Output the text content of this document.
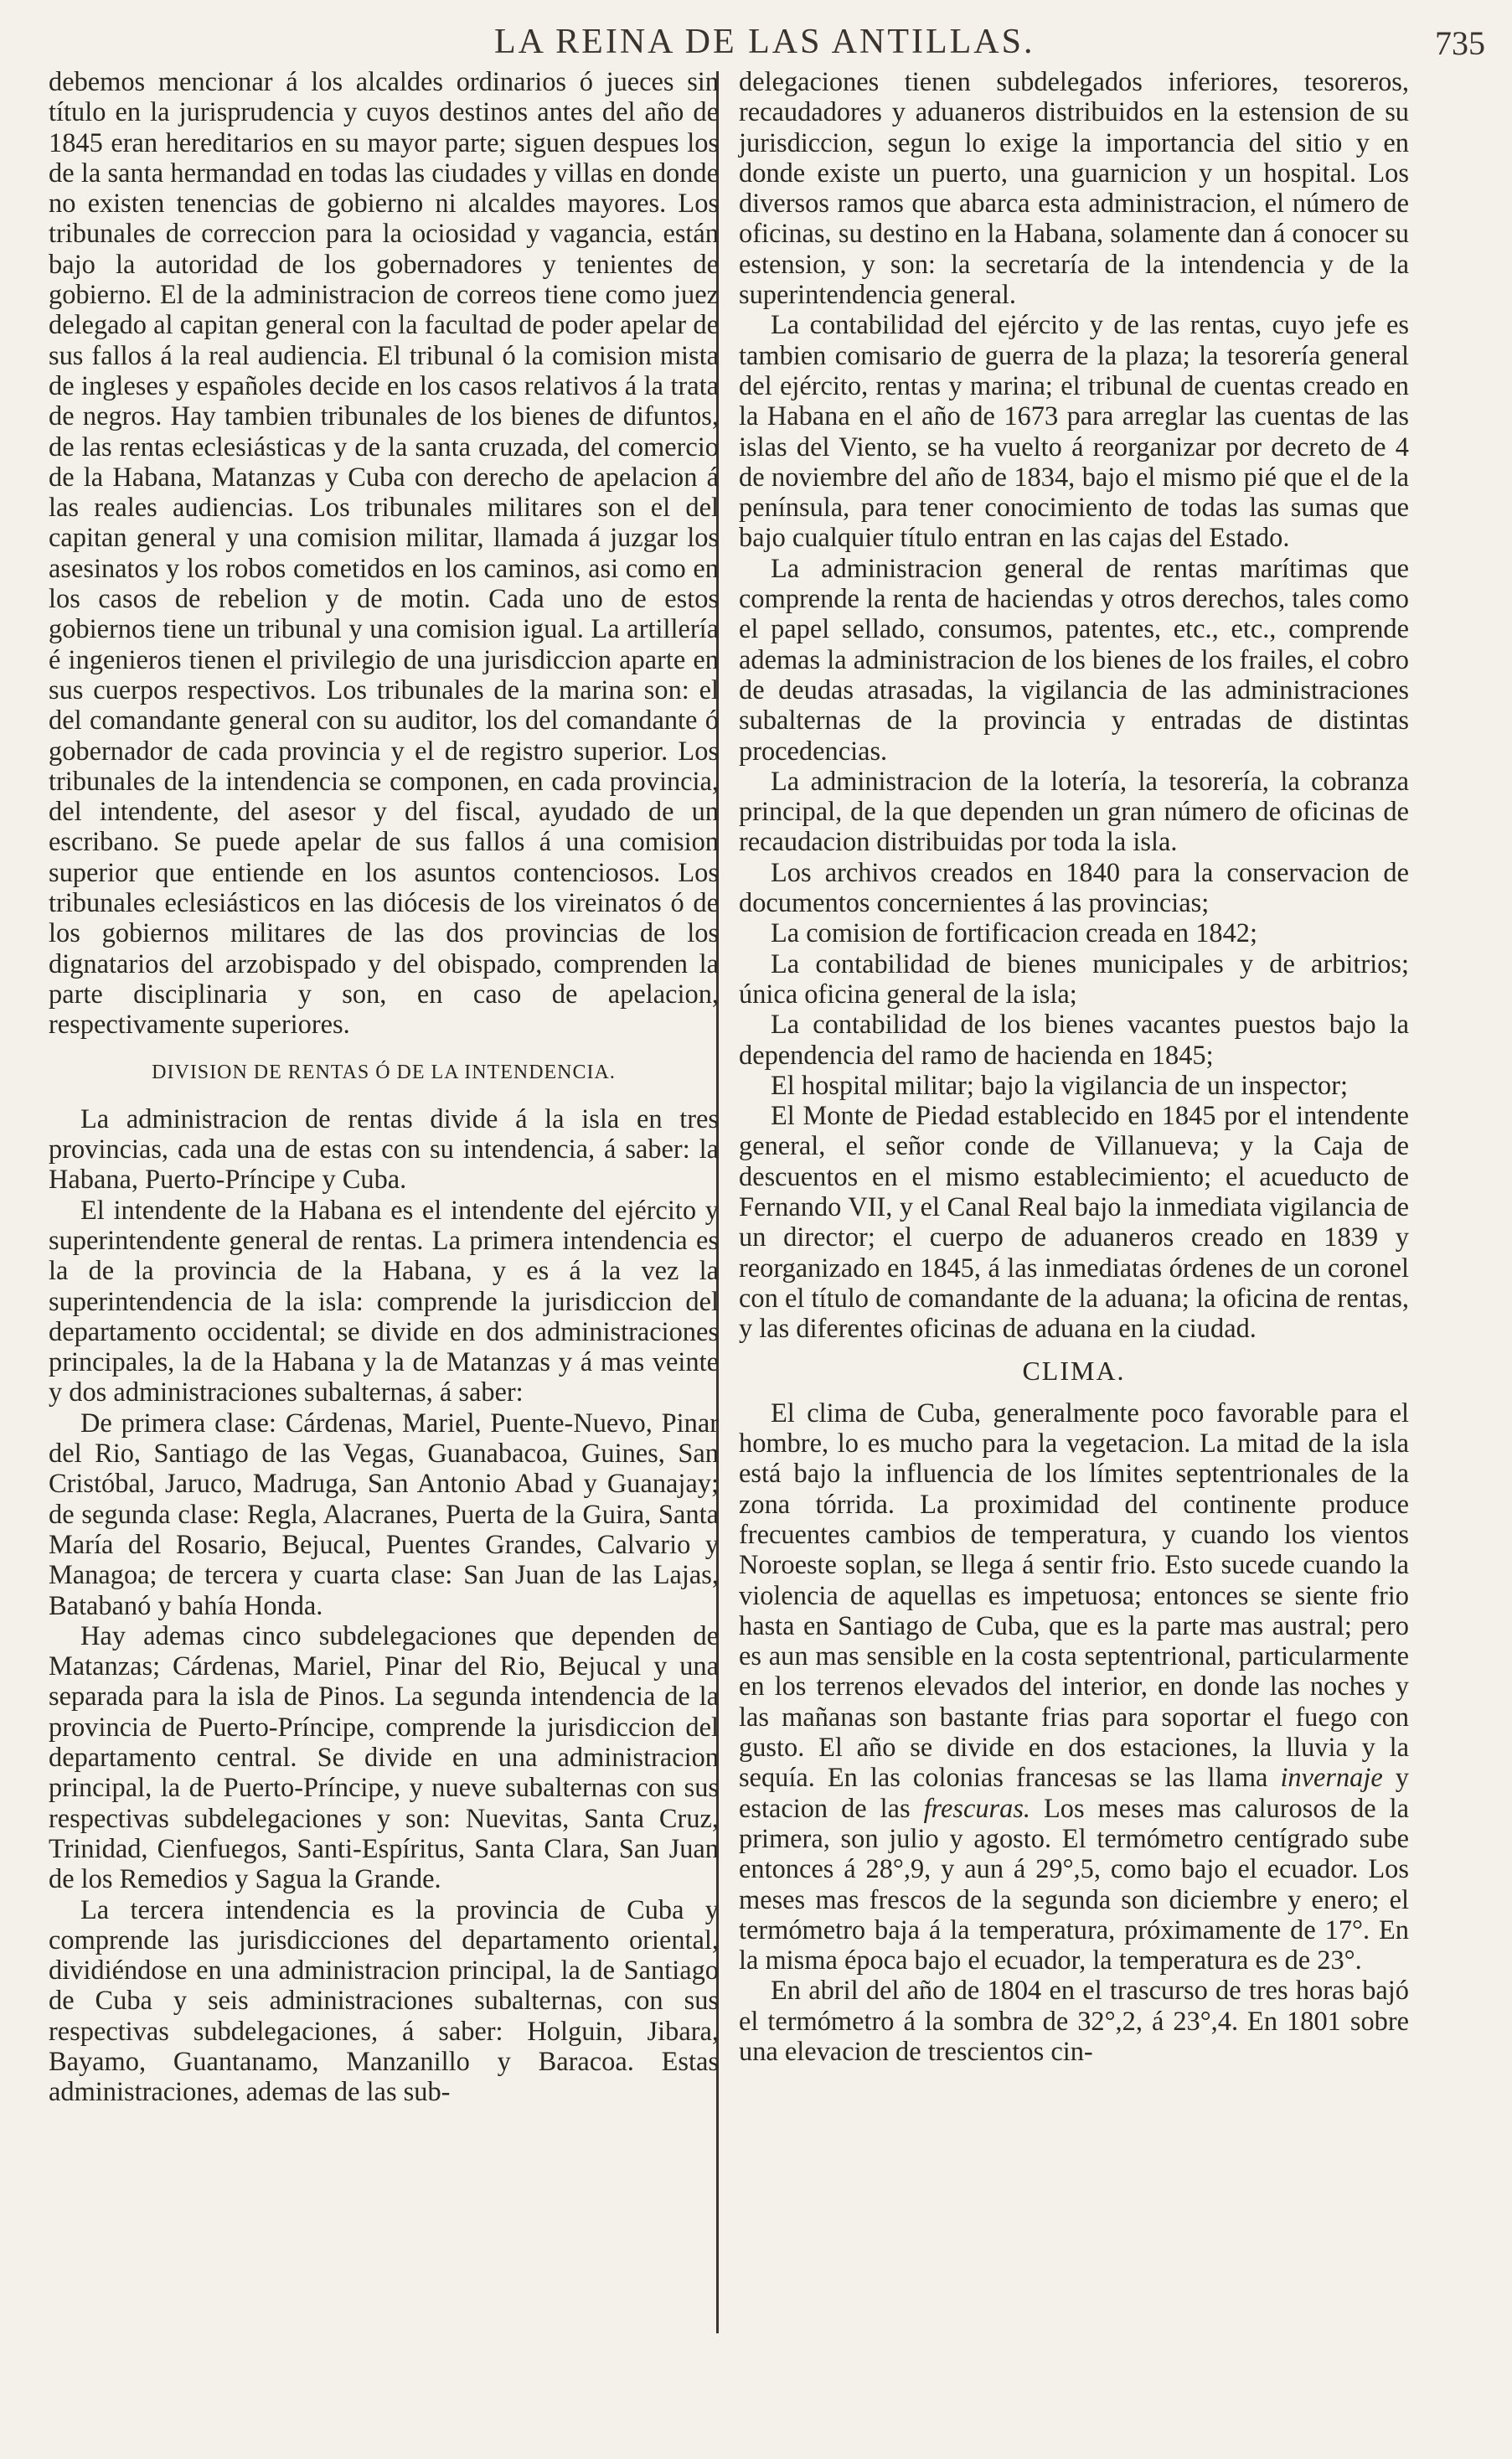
LA REINA DE LAS ANTILLAS.	735

debemos mencionar á los alcaldes ordinarios ó jueces sin título en la jurisprudencia y cuyos destinos antes del año de 1845 eran hereditarios en su mayor parte; siguen despues los de la santa hermandad en todas las ciudades y villas en donde no existen tenencias de gobierno ni alcaldes mayores. Los tribunales de correccion para la ociosidad y vagancia, están bajo la autoridad de los gobernadores y tenientes de gobierno. El de la administracion de correos tiene como juez delegado al capitan general con la facultad de poder apelar de sus fallos á la real audiencia. El tribunal ó la comision mista de ingleses y españoles decide en los casos relativos á la trata de negros. Hay tambien tribunales de los bienes de difuntos, de las rentas eclesiásticas y de la santa cruzada, del comercio de la Habana, Matanzas y Cuba con derecho de apelacion á las reales audiencias. Los tribunales militares son el del capitan general y una comision militar, llamada á juzgar los asesinatos y los robos cometidos en los caminos, asi como en los casos de rebelion y de motin. Cada uno de estos gobiernos tiene un tribunal y una comision igual. La artillería é ingenieros tienen el privilegio de una jurisdiccion aparte en sus cuerpos respectivos. Los tribunales de la marina son: el del comandante general con su auditor, los del comandante ó gobernador de cada provincia y el de registro superior. Los tribunales de la intendencia se componen, en cada provincia, del intendente, del asesor y del fiscal, ayudado de un escribano. Se puede apelar de sus fallos á una comision superior que entiende en los asuntos contenciosos. Los tribunales eclesiásticos en las diócesis de los vireinatos ó de los gobiernos militares de las dos provincias de los dignatarios del arzobispado y del obispado, comprenden la parte disciplinaria y son, en caso de apelacion, respectivamente superiores.

DIVISION DE RENTAS Ó DE LA INTENDENCIA.

La administracion de rentas divide á la isla en tres provincias, cada una de estas con su intendencia, á saber: la Habana, Puerto-Príncipe y Cuba.

El intendente de la Habana es el intendente del ejército y superintendente general de rentas. La primera intendencia es la de la provincia de la Habana, y es á la vez la superintendencia de la isla: comprende la jurisdiccion del departamento occidental; se divide en dos administraciones principales, la de la Habana y la de Matanzas y á mas veinte y dos administraciones subalternas, á saber:

De primera clase: Cárdenas, Mariel, Puente-Nuevo, Pinar del Rio, Santiago de las Vegas, Guanabacoa, Guines, San Cristóbal, Jaruco, Madruga, San Antonio Abad y Guanajay; de segunda clase: Regla, Alacranes, Puerta de la Guira, Santa María del Rosario, Bejucal, Puentes Grandes, Calvario y Managoa; de tercera y cuarta clase: San Juan de las Lajas, Batabanó y bahía Honda.

Hay ademas cinco subdelegaciones que dependen de Matanzas; Cárdenas, Mariel, Pinar del Rio, Bejucal y una separada para la isla de Pinos. La segunda intendencia de la provincia de Puerto-Príncipe, comprende la jurisdiccion del departamento central. Se divide en una administracion principal, la de Puerto-Príncipe, y nueve subalternas con sus respectivas subdelegaciones y son: Nuevitas, Santa Cruz, Trinidad, Cienfuegos, Santi-Espíritus, Santa Clara, San Juan de los Remedios y Sagua la Grande.

La tercera intendencia es la provincia de Cuba y comprende las jurisdicciones del departamento oriental, dividiéndose en una administracion principal, la de Santiago de Cuba y seis administraciones subalternas, con sus respectivas subdelegaciones, á saber: Holguin, Jibara, Bayamo, Guantanamo, Manzanillo y Baracoa. Estas administraciones, ademas de las sub-

delegaciones tienen subdelegados inferiores, tesoreros, recaudadores y aduaneros distribuidos en la estension de su jurisdiccion, segun lo exige la importancia del sitio y en donde existe un puerto, una guarnicion y un hospital. Los diversos ramos que abarca esta administracion, el número de oficinas, su destino en la Habana, solamente dan á conocer su estension, y son: la secretaría de la intendencia y de la superintendencia general.

La contabilidad del ejército y de las rentas, cuyo jefe es tambien comisario de guerra de la plaza; la tesorería general del ejército, rentas y marina; el tribunal de cuentas creado en la Habana en el año de 1673 para arreglar las cuentas de las islas del Viento, se ha vuelto á reorganizar por decreto de 4 de noviembre del año de 1834, bajo el mismo pié que el de la península, para tener conocimiento de todas las sumas que bajo cualquier título entran en las cajas del Estado.

La administracion general de rentas marítimas que comprende la renta de haciendas y otros derechos, tales como el papel sellado, consumos, patentes, etc., etc., comprende ademas la administracion de los bienes de los frailes, el cobro de deudas atrasadas, la vigilancia de las administraciones subalternas de la provincia y entradas de distintas procedencias.

La administracion de la lotería, la tesorería, la cobranza principal, de la que dependen un gran número de oficinas de recaudacion distribuidas por toda la isla.

Los archivos creados en 1840 para la conservacion de documentos concernientes á las provincias;

La comision de fortificacion creada en 1842;

La contabilidad de bienes municipales y de arbitrios; única oficina general de la isla;

La contabilidad de los bienes vacantes puestos bajo la dependencia del ramo de hacienda en 1845;

El hospital militar; bajo la vigilancia de un inspector;

El Monte de Piedad establecido en 1845 por el intendente general, el señor conde de Villanueva; y la Caja de descuentos en el mismo establecimiento; el acueducto de Fernando VII, y el Canal Real bajo la inmediata vigilancia de un director; el cuerpo de aduaneros creado en 1839 y reorganizado en 1845, á las inmediatas órdenes de un coronel con el título de comandante de la aduana; la oficina de rentas, y las diferentes oficinas de aduana en la ciudad.

CLIMA.

El clima de Cuba, generalmente poco favorable para el hombre, lo es mucho para la vegetacion. La mitad de la isla está bajo la influencia de los límites septentrionales de la zona tórrida. La proximidad del continente produce frecuentes cambios de temperatura, y cuando los vientos Noroeste soplan, se llega á sentir frio. Esto sucede cuando la violencia de aquellas es impetuosa; entonces se siente frio hasta en Santiago de Cuba, que es la parte mas austral; pero es aun mas sensible en la costa septentrional, particularmente en los terrenos elevados del interior, en donde las noches y las mañanas son bastante frias para soportar el fuego con gusto. El año se divide en dos estaciones, la lluvia y la sequía. En las colonias francesas se las llama invernaje y estacion de las frescuras. Los meses mas calurosos de la primera, son julio y agosto. El termómetro centígrado sube entonces á 28°,9, y aun á 29°,5, como bajo el ecuador. Los meses mas frescos de la segunda son diciembre y enero; el termómetro baja á la temperatura, próximamente de 17°. En la misma época bajo el ecuador, la temperatura es de 23°.

En abril del año de 1804 en el trascurso de tres horas bajó el termómetro á la sombra de 32°,2, á 23°,4. En 1801 sobre una elevacion de trescientos cin-
